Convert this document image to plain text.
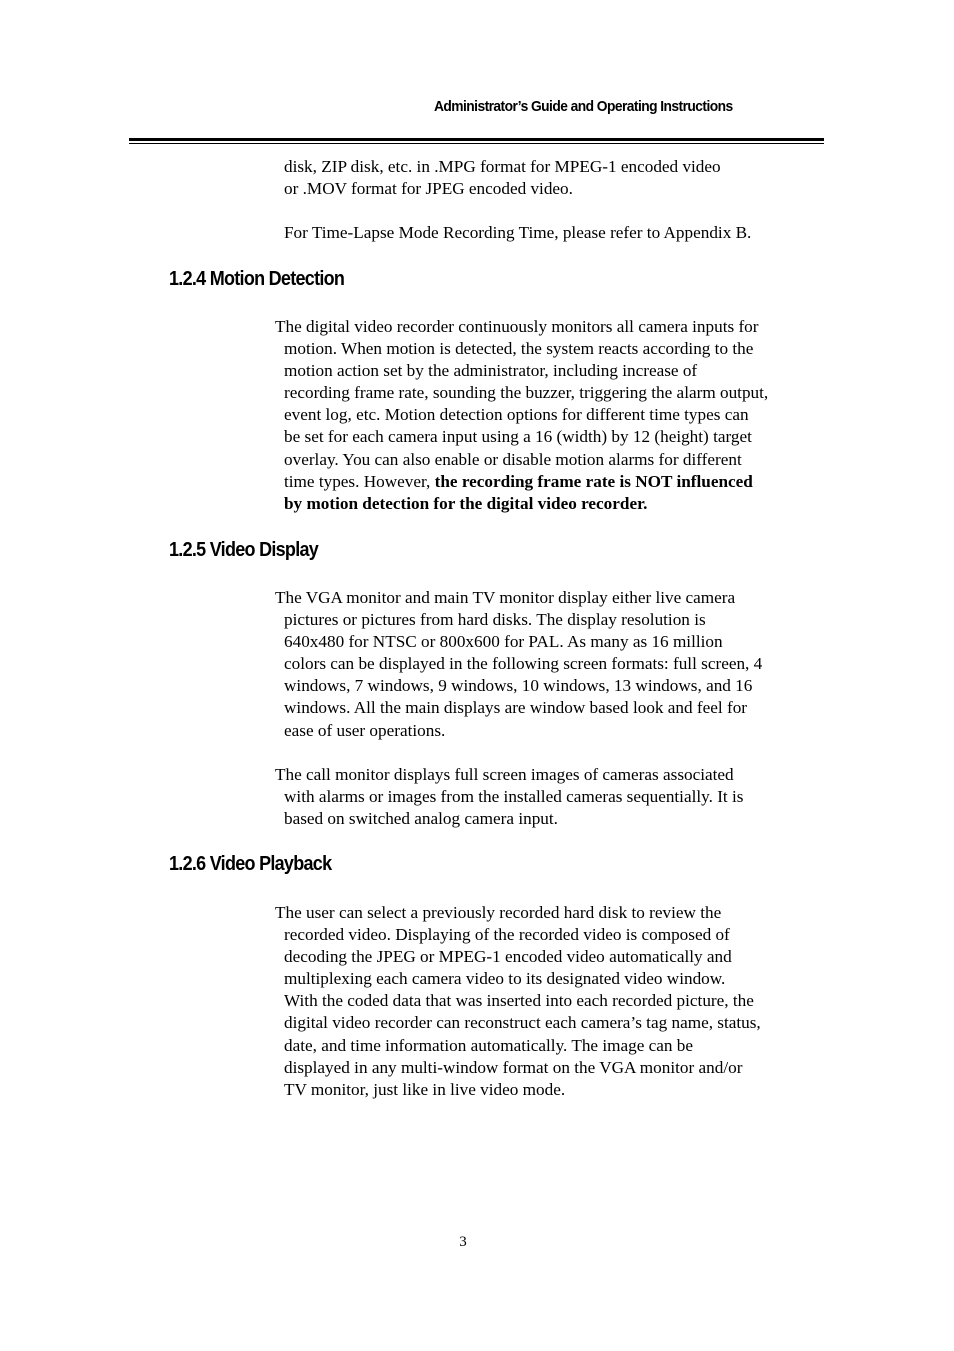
Administrator’s Guide and Operating Instructions
disk, ZIP disk, etc. in .MPG format for MPEG-1 encoded video
or .MOV format for JPEG encoded video.
For Time-Lapse Mode Recording Time, please refer to Appendix B.
1.2.4 Motion Detection
The digital video recorder continuously monitors all camera inputs for
motion. When motion is detected, the system reacts according to the
motion action set by the administrator, including increase of
recording frame rate, sounding the buzzer, triggering the alarm output,
event log, etc. Motion detection options for different time types can
be set for each camera input using a 16 (width) by 12 (height) target
overlay. You can also enable or disable motion alarms for different
time types. However, the recording frame rate is NOT influenced
by motion detection for the digital video recorder.
1.2.5 Video Display
The VGA monitor and main TV monitor display either live camera
pictures or pictures from hard disks. The display resolution is
640x480 for NTSC or 800x600 for PAL. As many as 16 million
colors can be displayed in the following screen formats: full screen, 4
windows, 7 windows, 9 windows, 10 windows, 13 windows, and 16
windows. All the main displays are window based look and feel for
ease of user operations.
The call monitor displays full screen images of cameras associated
with alarms or images from the installed cameras sequentially. It is
based on switched analog camera input.
1.2.6 Video Playback
The user can select a previously recorded hard disk to review the
recorded video. Displaying of the recorded video is composed of
decoding the JPEG or MPEG-1 encoded video automatically and
multiplexing each camera video to its designated video window.
With the coded data that was inserted into each recorded picture, the
digital video recorder can reconstruct each camera’s tag name, status,
date, and time information automatically. The image can be
displayed in any multi-window format on the VGA monitor and/or
TV monitor, just like in live video mode.
3
